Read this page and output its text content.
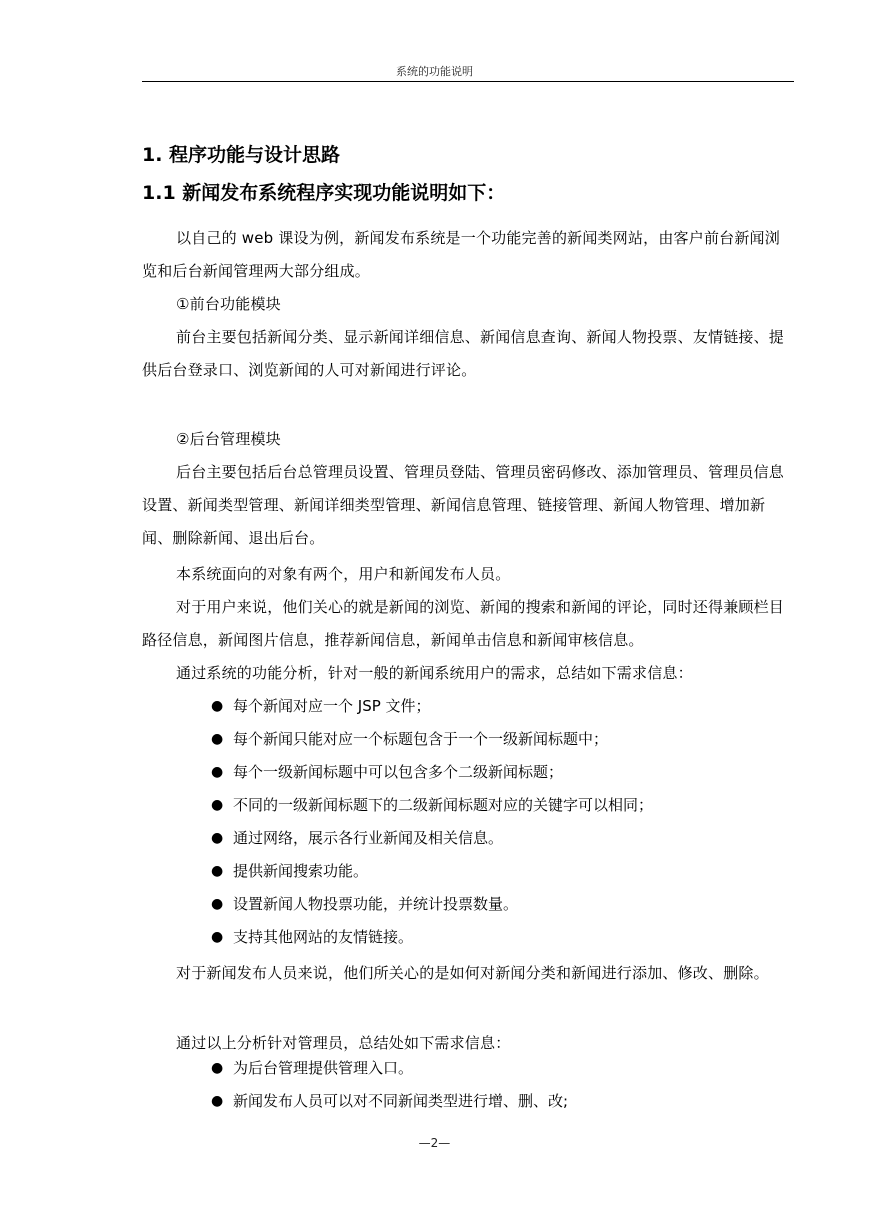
系统的功能说明
1. 程序功能与设计思路
1.1 新闻发布系统程序实现功能说明如下：

以自己的 web 课设为例，新闻发布系统是一个功能完善的新闻类网站，由客户前台新闻浏览和后台新闻管理两大部分组成。

①前台功能模块

前台主要包括新闻分类、显示新闻详细信息、新闻信息查询、新闻人物投票、友情链接、提供后台登录口、浏览新闻的人可对新闻进行评论。

②后台管理模块

后台主要包括后台总管理员设置、管理员登陆、管理员密码修改、添加管理员、管理员信息设置、新闻类型管理、新闻详细类型管理、新闻信息管理、链接管理、新闻人物管理、增加新闻、删除新闻、退出后台。

本系统面向的对象有两个，用户和新闻发布人员。

对于用户来说，他们关心的就是新闻的浏览、新闻的搜索和新闻的评论，同时还得兼顾栏目路径信息，新闻图片信息，推荐新闻信息，新闻单击信息和新闻审核信息。

通过系统的功能分析，针对一般的新闻系统用户的需求，总结如下需求信息：

● 每个新闻对应一个 JSP 文件；
● 每个新闻只能对应一个标题包含于一个一级新闻标题中；
● 每个一级新闻标题中可以包含多个二级新闻标题；
● 不同的一级新闻标题下的二级新闻标题对应的关键字可以相同；
● 通过网络，展示各行业新闻及相关信息。
● 提供新闻搜索功能。
● 设置新闻人物投票功能，并统计投票数量。
● 支持其他网站的友情链接。

对于新闻发布人员来说，他们所关心的是如何对新闻分类和新闻进行添加、修改、删除。

通过以上分析针对管理员，总结处如下需求信息：

● 为后台管理提供管理入口。
● 新闻发布人员可以对不同新闻类型进行增、删、改;
—2—
